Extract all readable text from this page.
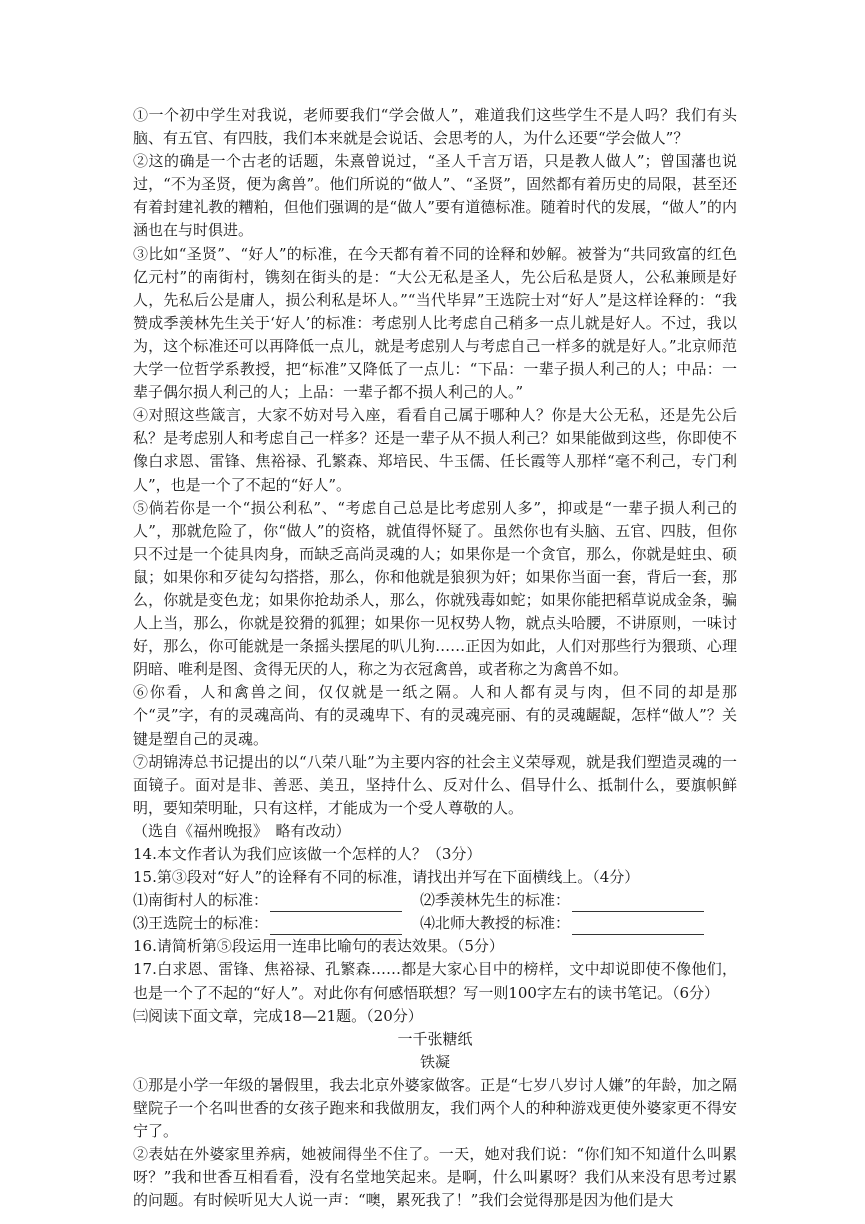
①一个初中学生对我说，老师要我们“学会做人”，难道我们这些学生不是人吗？我们有头脑、有五官、有四肢，我们本来就是会说话、会思考的人，为什么还要“学会做人”？

②这的确是一个古老的话题，朱熹曾说过，“圣人千言万语，只是教人做人”；曾国藩也说过，“不为圣贤，便为禽兽”。他们所说的“做人”、“圣贤”，固然都有着历史的局限，甚至还有着封建礼教的糟粕，但他们强调的是“做人”要有道德标准。随着时代的发展，“做人”的内涵也在与时俱进。

③比如“圣贤”、“好人”的标准，在今天都有着不同的诠释和妙解。被誉为“共同致富的红色亿元村”的南街村，镌刻在街头的是：“大公无私是圣人，先公后私是贤人，公私兼顾是好人，先私后公是庸人，损公利私是坏人。”“当代毕昇”王选院士对“好人”是这样诠释的：“我赞成季羡林先生关于‘好人’的标准：考虑别人比考虑自己稍多一点儿就是好人。不过，我以为，这个标准还可以再降低一点儿，就是考虑别人与考虑自己一样多的就是好人。”北京师范大学一位哲学系教授，把“标准”又降低了一点儿：“下品：一辈子损人利己的人；中品：一辈子偶尔损人利己的人；上品：一辈子都不损人利己的人。”

④对照这些箴言，大家不妨对号入座，看看自己属于哪种人？你是大公无私，还是先公后私？是考虑别人和考虑自己一样多？还是一辈子从不损人利己？如果能做到这些，你即使不像白求恩、雷锋、焦裕禄、孔繁森、郑培民、牛玉儒、任长霞等人那样“毫不利己，专门利人”，也是一个了不起的“好人”。

⑤倘若你是一个“损公利私”、“考虑自己总是比考虑别人多”，抑或是“一辈子损人利己的人”，那就危险了，你“做人”的资格，就值得怀疑了。虽然你也有头脑、五官、四肢，但你只不过是一个徒具肉身，而缺乏高尚灵魂的人；如果你是一个贪官，那么，你就是蛀虫、硕鼠；如果你和歹徒勾勾搭搭，那么，你和他就是狼狈为奸；如果你当面一套，背后一套，那么，你就是变色龙；如果你抢劫杀人，那么，你就残毒如蛇；如果你能把稻草说成金条，骗人上当，那么，你就是狡猾的狐狸；如果你一见权势人物，就点头哈腰，不讲原则，一味讨好，那么，你可能就是一条摇头摆尾的叭儿狗……正因为如此，人们对那些行为猥琐、心理阴暗、唯利是图、贪得无厌的人，称之为衣冠禽兽，或者称之为禽兽不如。

⑥你看，人和禽兽之间，仅仅就是一纸之隔。人和人都有灵与肉，但不同的却是那个“灵”字，有的灵魂高尚、有的灵魂卑下、有的灵魂亮丽、有的灵魂龌龊，怎样“做人”？关键是塑自己的灵魂。

⑦胡锦涛总书记提出的以“八荣八耻”为主要内容的社会主义荣辱观，就是我们塑造灵魂的一面镜子。面对是非、善恶、美丑，坚持什么、反对什么、倡导什么、抵制什么，要旗帜鲜明，要知荣明耻，只有这样，才能成为一个受人尊敬的人。

（选自《福州晚报》　略有改动）

14.本文作者认为我们应该做一个怎样的人？（3分）

15.第③段对“好人”的诠释有不同的标准，请找出并写在下面横线上。（4分）

⑴南街村人的标准：	⑵季羡林先生的标准：
⑶王选院士的标准：	⑷北师大教授的标准：

16.请简析第⑤段运用一连串比喻句的表达效果。（5分）

17.白求恩、雷锋、焦裕禄、孔繁森……都是大家心目中的榜样，文中却说即使不像他们，也是一个了不起的“好人”。对此你有何感悟联想？写一则100字左右的读书笔记。（6分）

㈢阅读下面文章，完成18—21题。（20分）

一千张糖纸

铁凝

①那是小学一年级的暑假里，我去北京外婆家做客。正是“七岁八岁讨人嫌”的年龄，加之隔壁院子一个名叫世香的女孩子跑来和我做朋友，我们两个人的种种游戏更使外婆家更不得安宁了。

②表姑在外婆家里养病，她被闹得坐不住了。一天，她对我们说：“你们知不知道什么叫累呀？”我和世香互相看看，没有名堂地笑起来。是啊，什么叫累呀？我们从来没有思考过累的问题。有时候听见大人说一声：“噢，累死我了！”我们会觉得那是因为他们是大
